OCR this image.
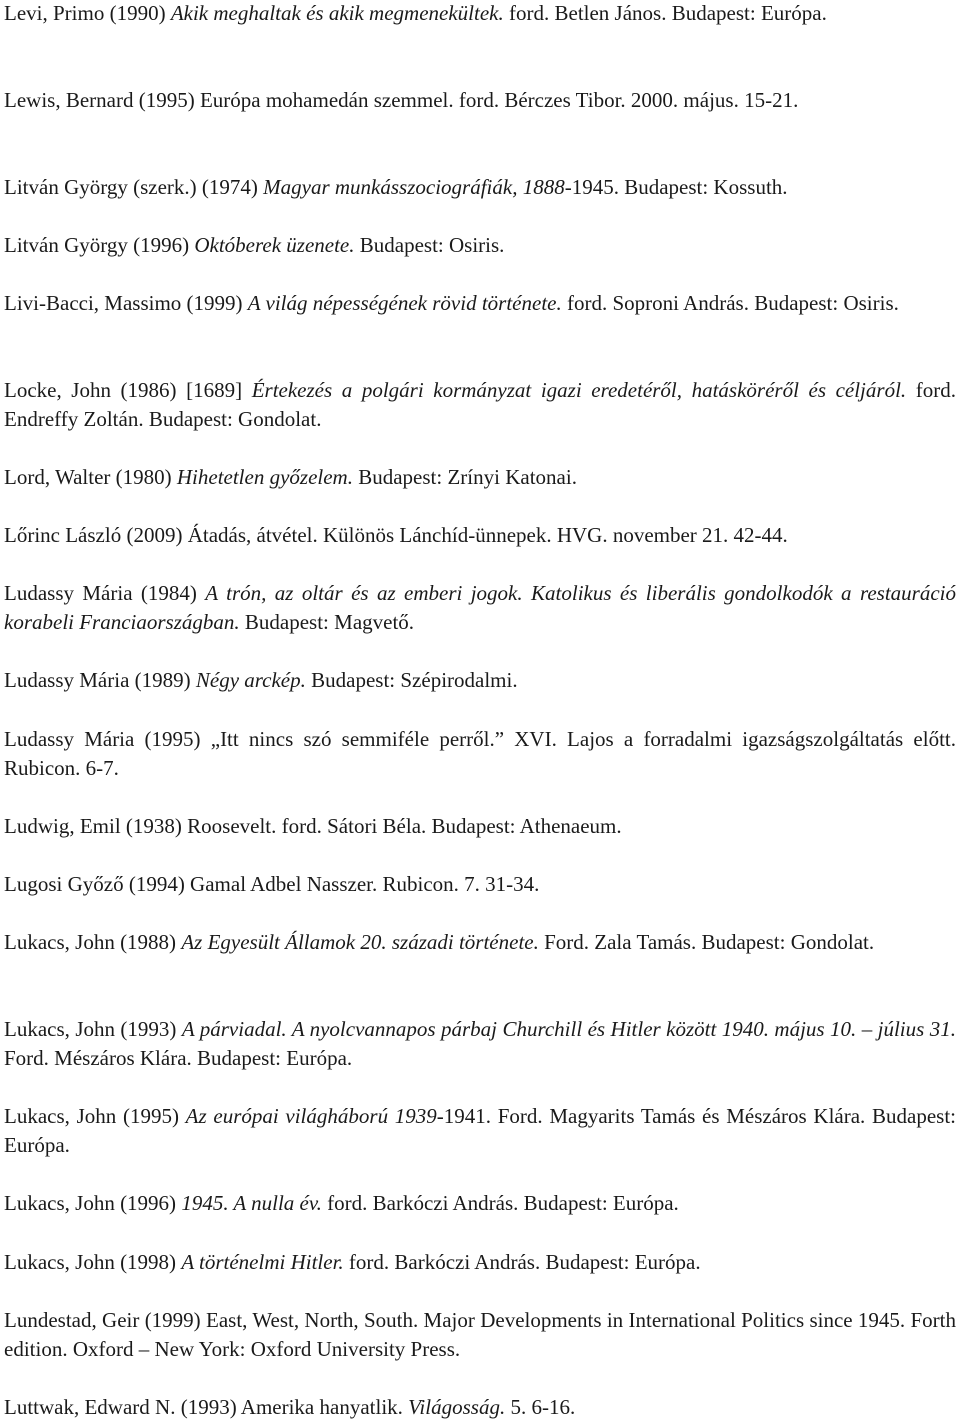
Levi, Primo (1990) Akik meghaltak és akik megmenekültek. ford. Betlen János. Budapest: Európa.

Lewis, Bernard (1995) Európa mohamedán szemmel. ford. Bérczes Tibor. 2000. május. 15-21.

Litván György (szerk.) (1974) Magyar munkásszociográfiák, 1888-1945. Budapest: Kossuth.

Litván György (1996) Októberek üzenete. Budapest: Osiris.

Livi-Bacci, Massimo (1999) A világ népességének rövid története. ford. Soproni András. Budapest: Osiris.

Locke, John (1986) [1689] Értekezés a polgári kormányzat igazi eredetéről, hatásköréről és céljáról. ford. Endreffy Zoltán. Budapest: Gondolat.

Lord, Walter (1980) Hihetetlen győzelem. Budapest: Zrínyi Katonai.

Lőrinc László (2009) Átadás, átvétel. Különös Lánchíd-ünnepek. HVG. november 21. 42-44.

Ludassy Mária (1984) A trón, az oltár és az emberi jogok. Katolikus és liberális gondolkodók a restauráció korabeli Franciaországban. Budapest: Magvető.

Ludassy Mária (1989) Négy arckép. Budapest: Szépirodalmi.

Ludassy Mária (1995) „Itt nincs szó semmiféle perről.” XVI. Lajos a forradalmi igazságszolgáltatás előtt. Rubicon. 6-7.

Ludwig, Emil (1938) Roosevelt. ford. Sátori Béla. Budapest: Athenaeum.

Lugosi Győző (1994) Gamal Adbel Nasszer. Rubicon. 7. 31-34.

Lukacs, John (1988) Az Egyesült Államok 20. századi története. Ford. Zala Tamás. Budapest: Gondolat.

Lukacs, John (1993) A párviadal. A nyolcvannapos párbaj Churchill és Hitler között 1940. május 10. – július 31. Ford. Mészáros Klára. Budapest: Európa.

Lukacs, John (1995) Az európai világháború 1939-1941. Ford. Magyarits Tamás és Mészáros Klára. Budapest: Európa.

Lukacs, John (1996) 1945. A nulla év. ford. Barkóczi András. Budapest: Európa.

Lukacs, John (1998) A történelmi Hitler. ford. Barkóczi András. Budapest: Európa.

Lundestad, Geir (1999) East, West, North, South. Major Developments in International Politics since 1945. Forth edition. Oxford – New York: Oxford University Press.

Luttwak, Edward N. (1993) Amerika hanyatlik. Világosság. 5. 6-16.
